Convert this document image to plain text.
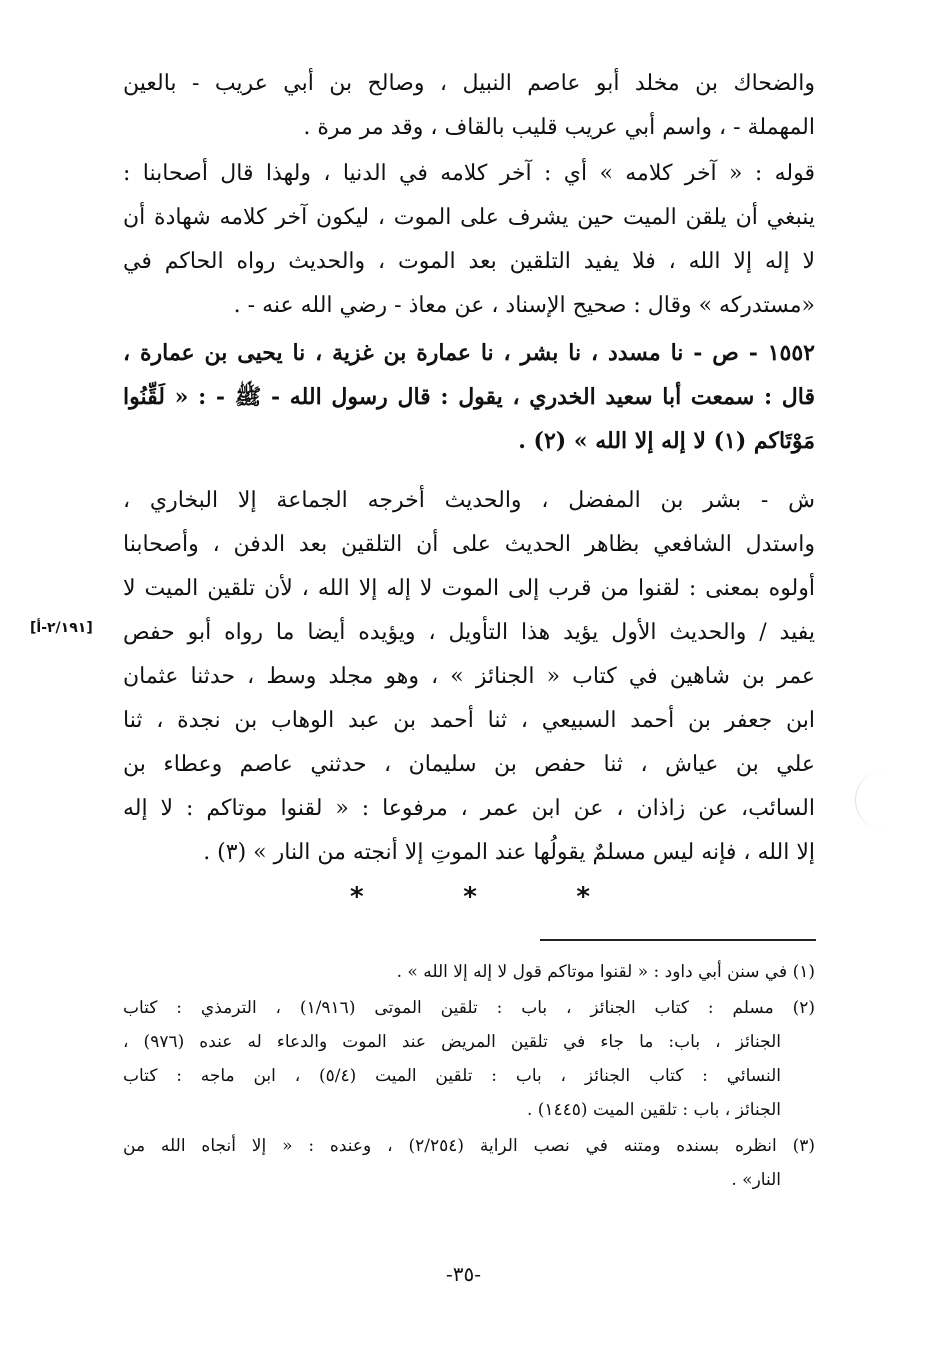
والضحاك بن مخلد أبو عاصم النبيل ، وصالح بن أبي عريب - بالعين
المهملة - ، واسم أبي عريب قليب بالقاف ، وقد مر مرة .
قوله : « آخر كلامه » أي : آخر كلامه في الدنيا ، ولهذا قال أصحابنا :
ينبغي أن يلقن الميت حين يشرف على الموت ، ليكون آخر كلامه شهادة أن
لا إله إلا الله ، فلا يفيد التلقين بعد الموت ، والحديث رواه الحاكم في
«مستدركه » وقال : صحيح الإسناد ، عن معاذ - رضي الله عنه - .
١٥٥٢ - ص - نا مسدد ، نا بشر ، نا عمارة بن غزية ، نا يحيى بن عمارة ،
قال : سمعت أبا سعيد الخدري ، يقول : قال رسول الله - ﷺ - : « لَقِّنُوا
مَوْتَاكم (١) لا إله إلا الله » (٢) .
ش - بشر بن المفضل ، والحديث أخرجه الجماعة إلا البخاري ،
واستدل الشافعي بظاهر الحديث على أن التلقين بعد الدفن ، وأصحابنا
أولوه بمعنى : لقنوا من قرب إلى الموت لا إله إلا الله ، لأن تلقين الميت لا
يفيد / والحديث الأول يؤيد هذا التأويل ، ويؤيده أيضا ما رواه أبو حفص
عمر بن شاهين في كتاب « الجنائز » ، وهو مجلد وسط ، حدثنا عثمان
ابن جعفر بن أحمد السبيعي ، ثنا أحمد بن عبد الوهاب بن نجدة ، ثنا
علي بن عياش ، ثنا حفص بن سليمان ، حدثني عاصم وعطاء بن
السائب، عن زاذان ، عن ابن عمر ، مرفوعا : « لقنوا موتاكم : لا إله
إلا الله ، فإنه ليس مسلمٌ يقولُها عند الموتِ إلا أنجته من النار » (٣) .
[٢/١٩١-أ]
*	*	*
(١) في سنن أبي داود : « لقنوا موتاكم قول لا إله إلا الله » .
(٢) مسلم : كتاب الجنائز ، باب : تلقين الموتى (١/٩١٦) ، الترمذي : كتاب
الجنائز ، باب: ما جاء في تلقين المريض عند الموت والدعاء له عنده (٩٧٦) ،
النسائي : كتاب الجنائز ، باب : تلقين الميت (٥/٤) ، ابن ماجه : كتاب
الجنائز ، باب : تلقين الميت (١٤٤٥) .
(٣) انظره بسنده ومتنه في نصب الراية (٢/٢٥٤) ، وعنده : « إلا أنجاه الله من
النار» .
-٣٥-
